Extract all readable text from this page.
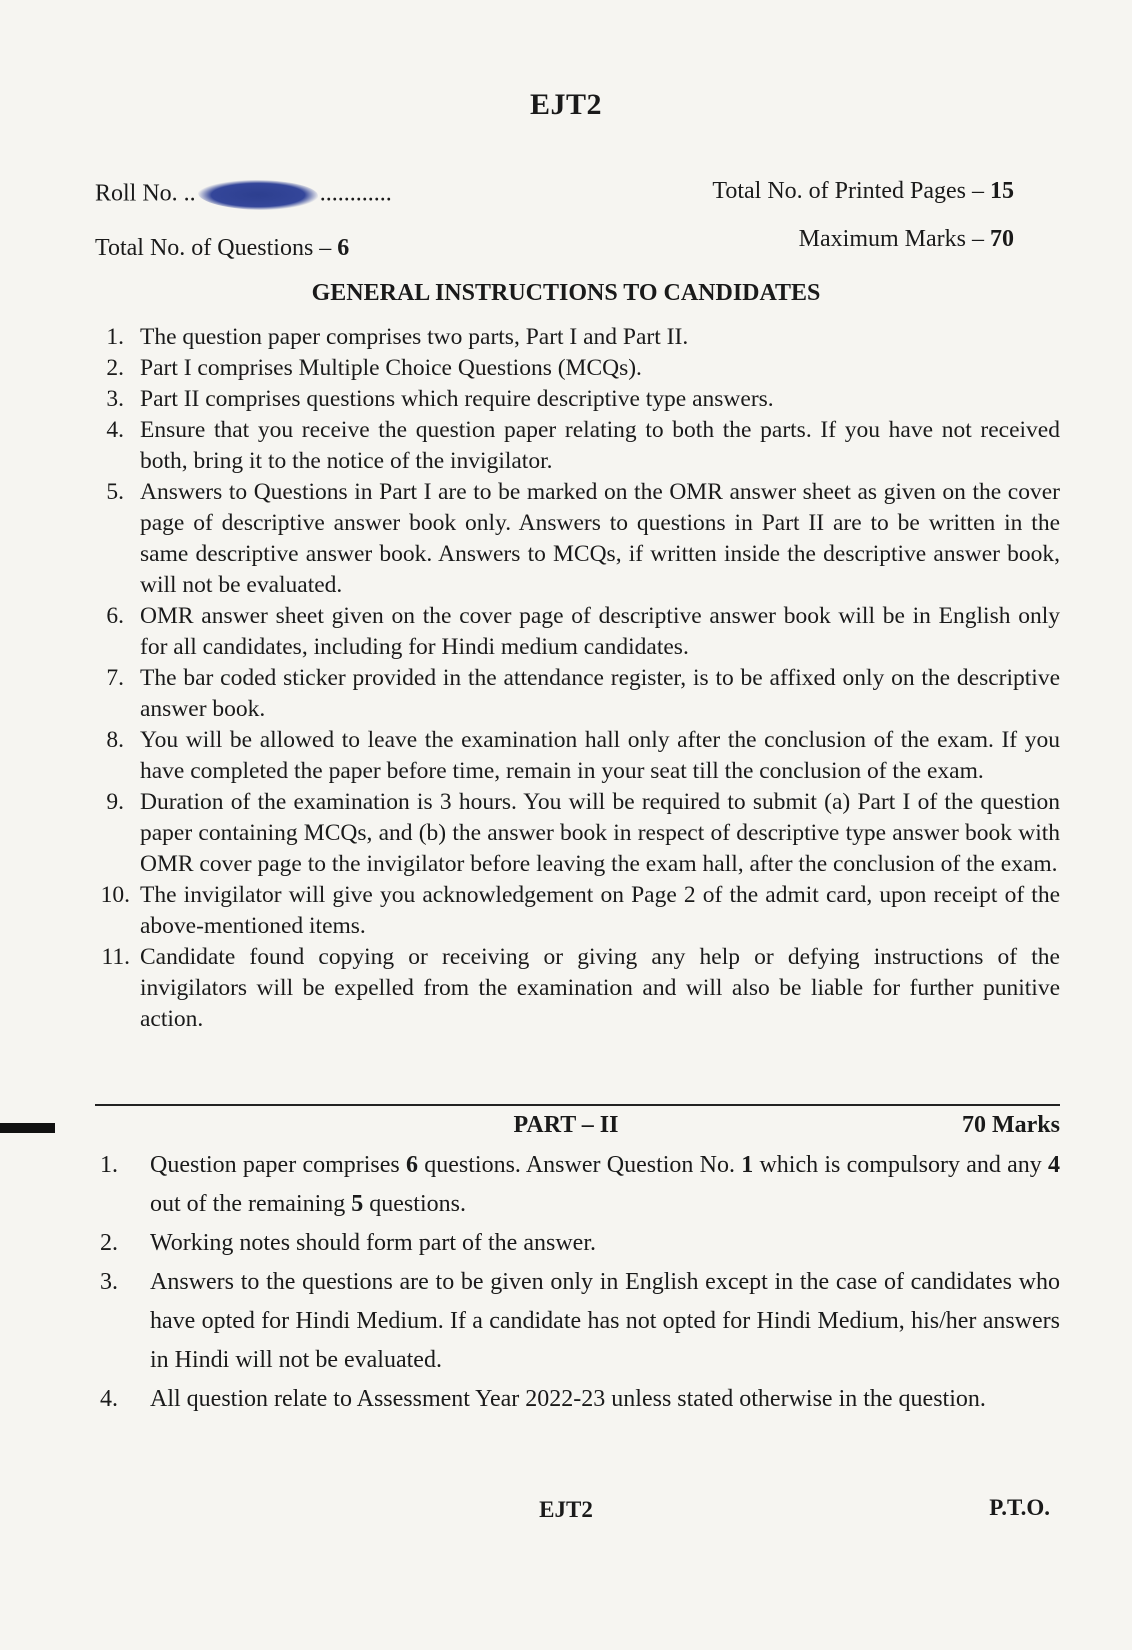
EJT2
Roll No. ..	............	Total No. of Printed Pages – 15
Total No. of Questions – 6	Maximum Marks – 70
GENERAL INSTRUCTIONS TO CANDIDATES
1. The question paper comprises two parts, Part I and Part II.
2. Part I comprises Multiple Choice Questions (MCQs).
3. Part II comprises questions which require descriptive type answers.
4. Ensure that you receive the question paper relating to both the parts. If you have not received both, bring it to the notice of the invigilator.
5. Answers to Questions in Part I are to be marked on the OMR answer sheet as given on the cover page of descriptive answer book only. Answers to questions in Part II are to be written in the same descriptive answer book. Answers to MCQs, if written inside the descriptive answer book, will not be evaluated.
6. OMR answer sheet given on the cover page of descriptive answer book will be in English only for all candidates, including for Hindi medium candidates.
7. The bar coded sticker provided in the attendance register, is to be affixed only on the descriptive answer book.
8. You will be allowed to leave the examination hall only after the conclusion of the exam. If you have completed the paper before time, remain in your seat till the conclusion of the exam.
9. Duration of the examination is 3 hours. You will be required to submit (a) Part I of the question paper containing MCQs, and (b) the answer book in respect of descriptive type answer book with OMR cover page to the invigilator before leaving the exam hall, after the conclusion of the exam.
10. The invigilator will give you acknowledgement on Page 2 of the admit card, upon receipt of the above-mentioned items.
11. Candidate found copying or receiving or giving any help or defying instructions of the invigilators will be expelled from the examination and will also be liable for further punitive action.
PART – II	70 Marks
1. Question paper comprises 6 questions. Answer Question No. 1 which is compulsory and any 4 out of the remaining 5 questions.
2. Working notes should form part of the answer.
3. Answers to the questions are to be given only in English except in the case of candidates who have opted for Hindi Medium. If a candidate has not opted for Hindi Medium, his/her answers in Hindi will not be evaluated.
4. All question relate to Assessment Year 2022-23 unless stated otherwise in the question.
EJT2	P.T.O.
